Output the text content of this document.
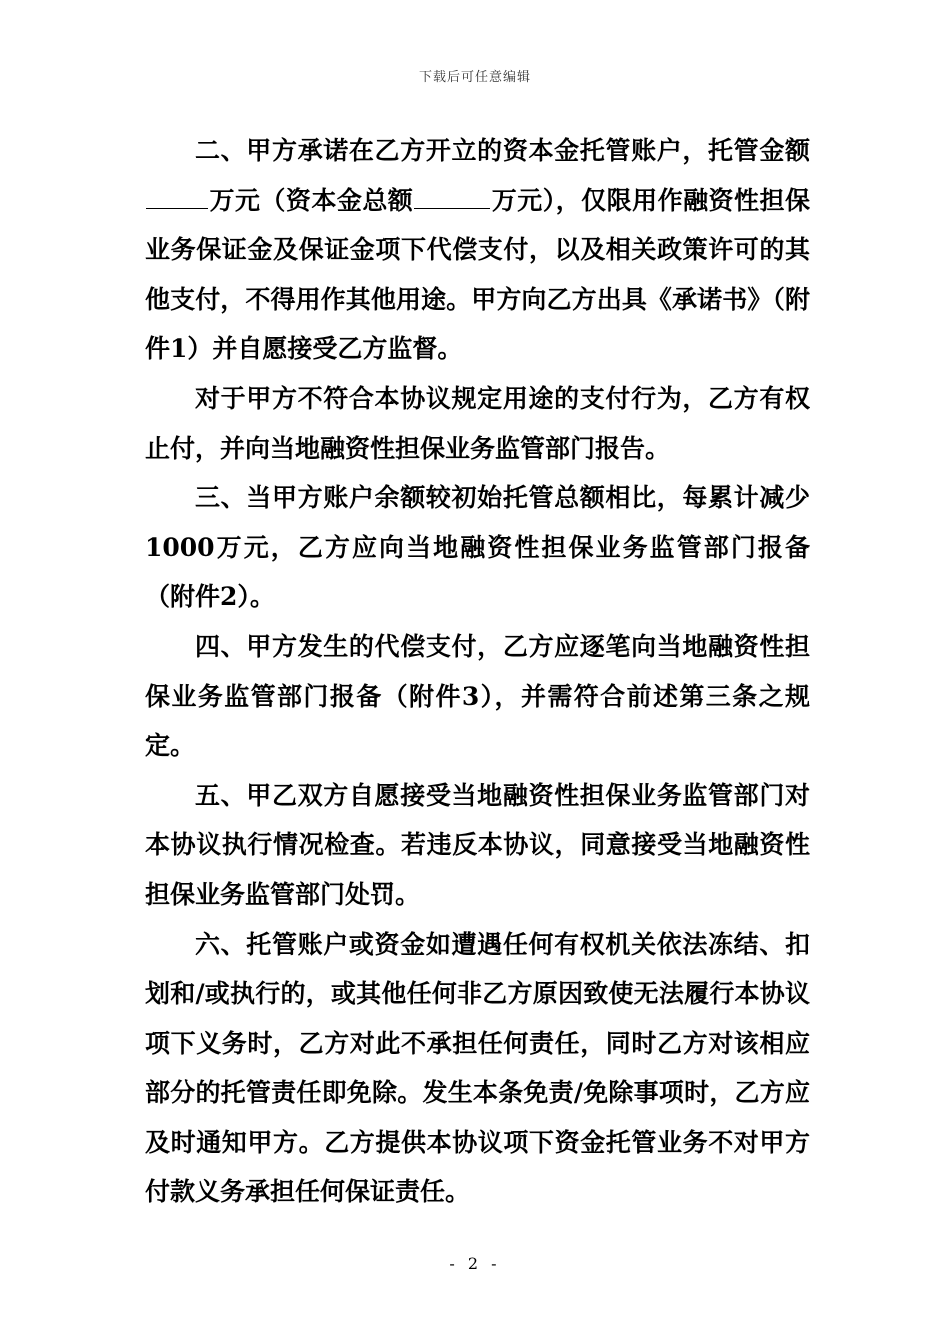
下载后可任意编辑

二、甲方承诺在乙方开立的资本金托管账户，托管金额万元（资本金总额	万元），仅限用作融资性担保业务保证金及保证金项下代偿支付，以及相关政策许可的其他支付，不得用作其他用途。甲方向乙方出具《承诺书》（附件1）并自愿接受乙方监督。

对于甲方不符合本协议规定用途的支付行为，乙方有权止付，并向当地融资性担保业务监管部门报告。

三、当甲方账户余额较初始托管总额相比，每累计减少1000万元，乙方应向当地融资性担保业务监管部门报备（附件2）。

四、甲方发生的代偿支付，乙方应逐笔向当地融资性担保业务监管部门报备（附件3），并需符合前述第三条之规定。

五、甲乙双方自愿接受当地融资性担保业务监管部门对本协议执行情况检查。若违反本协议，同意接受当地融资性担保业务监管部门处罚。

六、托管账户或资金如遭遇任何有权机关依法冻结、扣划和/或执行的，或其他任何非乙方原因致使无法履行本协议项下义务时，乙方对此不承担任何责任，同时乙方对该相应部分的托管责任即免除。发生本条免责/免除事项时，乙方应及时通知甲方。乙方提供本协议项下资金托管业务不对甲方付款义务承担任何保证责任。

- 2 -
